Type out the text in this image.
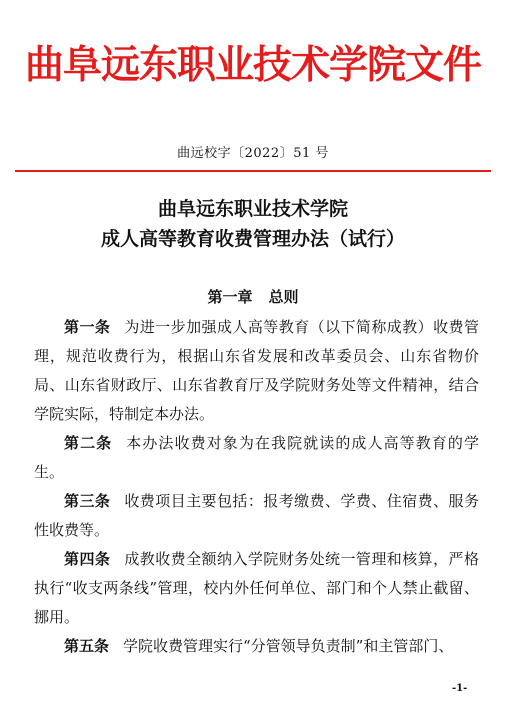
曲阜远东职业技术学院文件
曲远校字〔2022〕51 号
曲阜远东职业技术学院
成人高等教育收费管理办法（试行）
第一章 总则

第一条 为进一步加强成人高等教育（以下简称成教）收费管理，规范收费行为，根据山东省发展和改革委员会、山东省物价局、山东省财政厅、山东省教育厅及学院财务处等文件精神，结合学院实际，特制定本办法。

第二条 本办法收费对象为在我院就读的成人高等教育的学生。

第三条 收费项目主要包括：报考缴费、学费、住宿费、服务性收费等。

第四条 成教收费全额纳入学院财务处统一管理和核算，严格执行“收支两条线”管理，校内外任何单位、部门和个人禁止截留、挪用。

第五条 学院收费管理实行“分管领导负责制”和主管部门、

-1-
